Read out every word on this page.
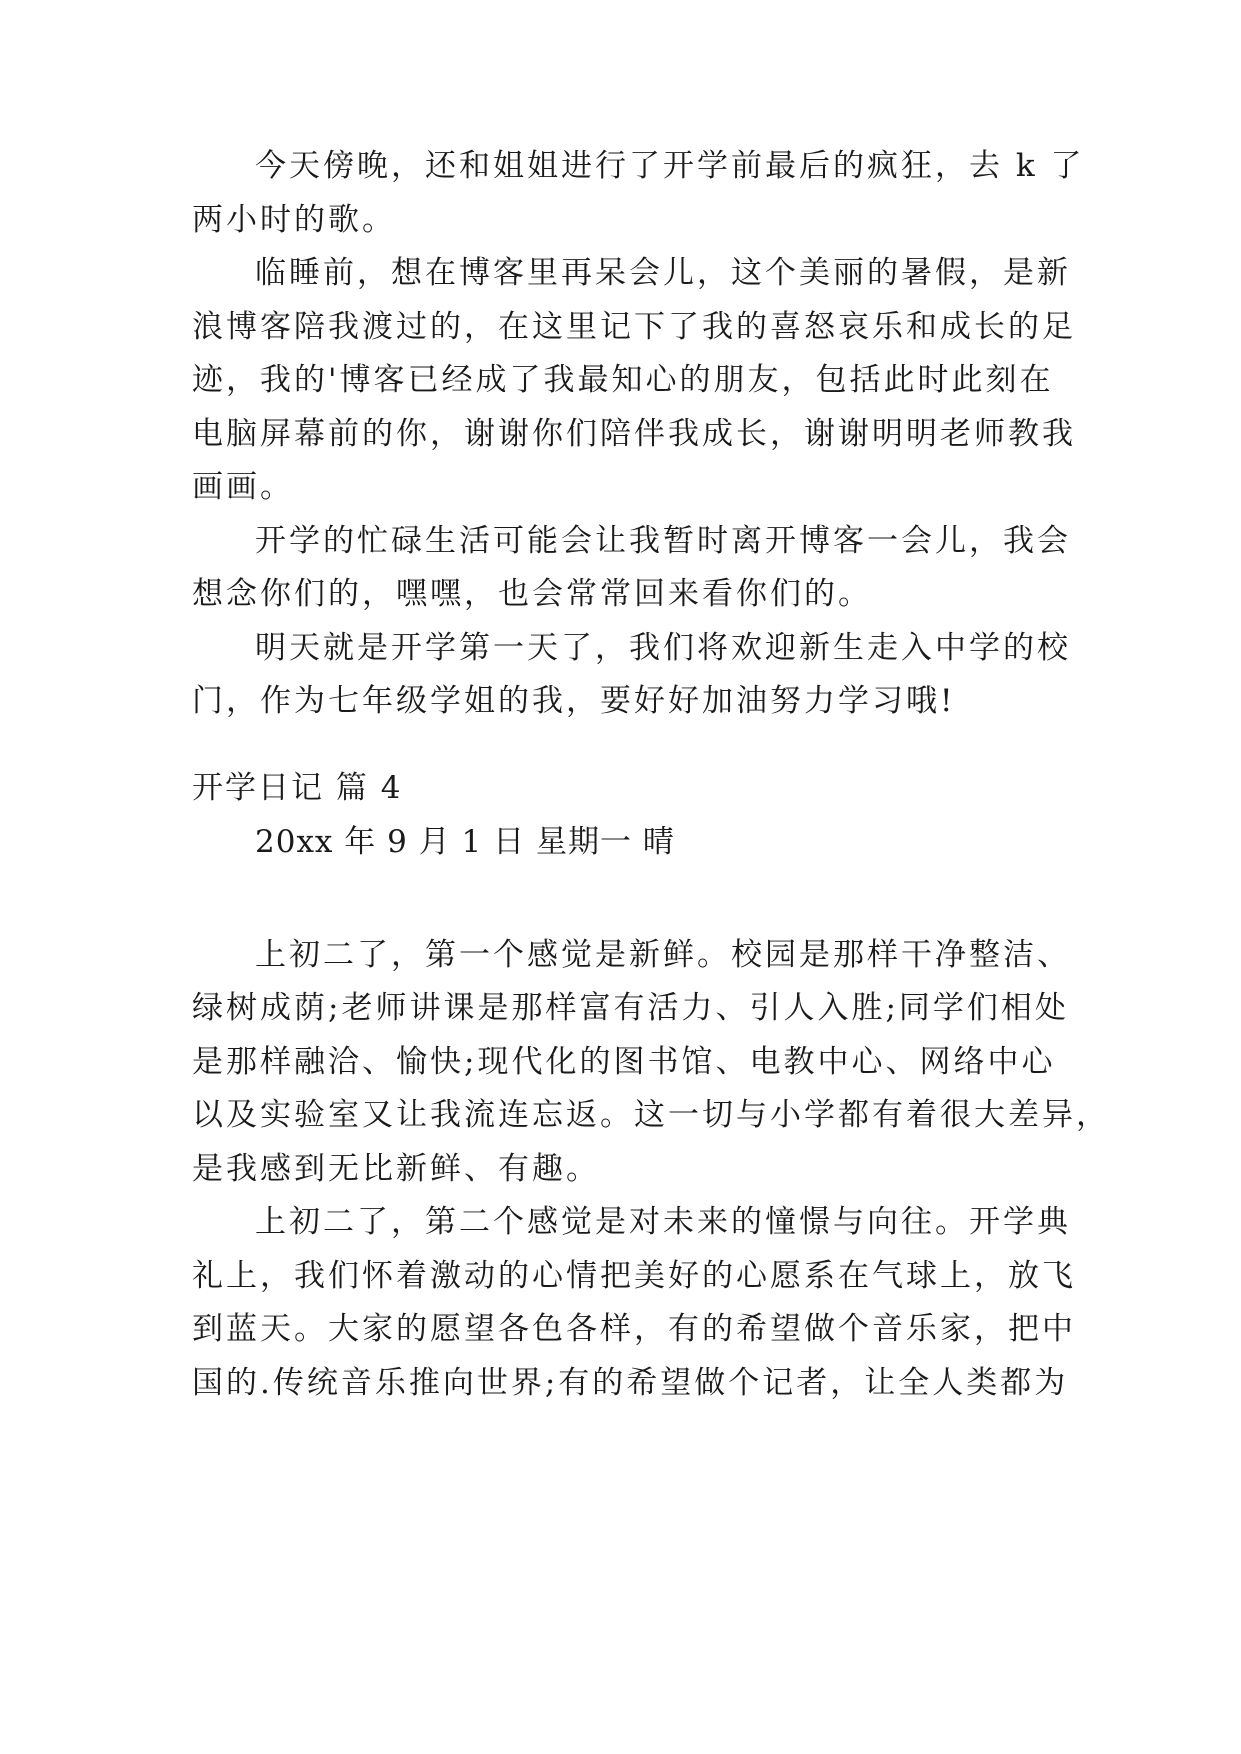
今天傍晚，还和姐姐进行了开学前最后的疯狂，去 k 了
两小时的歌。
临睡前，想在博客里再呆会儿，这个美丽的暑假，是新
浪博客陪我渡过的，在这里记下了我的喜怒哀乐和成长的足
迹，我的'博客已经成了我最知心的朋友，包括此时此刻在
电脑屏幕前的你，谢谢你们陪伴我成长，谢谢明明老师教我
画画。
开学的忙碌生活可能会让我暂时离开博客一会儿，我会
想念你们的，嘿嘿，也会常常回来看你们的。
明天就是开学第一天了，我们将欢迎新生走入中学的校
门，作为七年级学姐的我，要好好加油努力学习哦!
开学日记 篇 4
20xx 年 9 月 1 日 星期一 晴
上初二了，第一个感觉是新鲜。校园是那样干净整洁、
绿树成荫;老师讲课是那样富有活力、引人入胜;同学们相处
是那样融洽、愉快;现代化的图书馆、电教中心、网络中心
以及实验室又让我流连忘返。这一切与小学都有着很大差异，
是我感到无比新鲜、有趣。
上初二了，第二个感觉是对未来的憧憬与向往。开学典
礼上，我们怀着激动的心情把美好的心愿系在气球上，放飞
到蓝天。大家的愿望各色各样，有的希望做个音乐家，把中
国的.传统音乐推向世界;有的希望做个记者，让全人类都为
